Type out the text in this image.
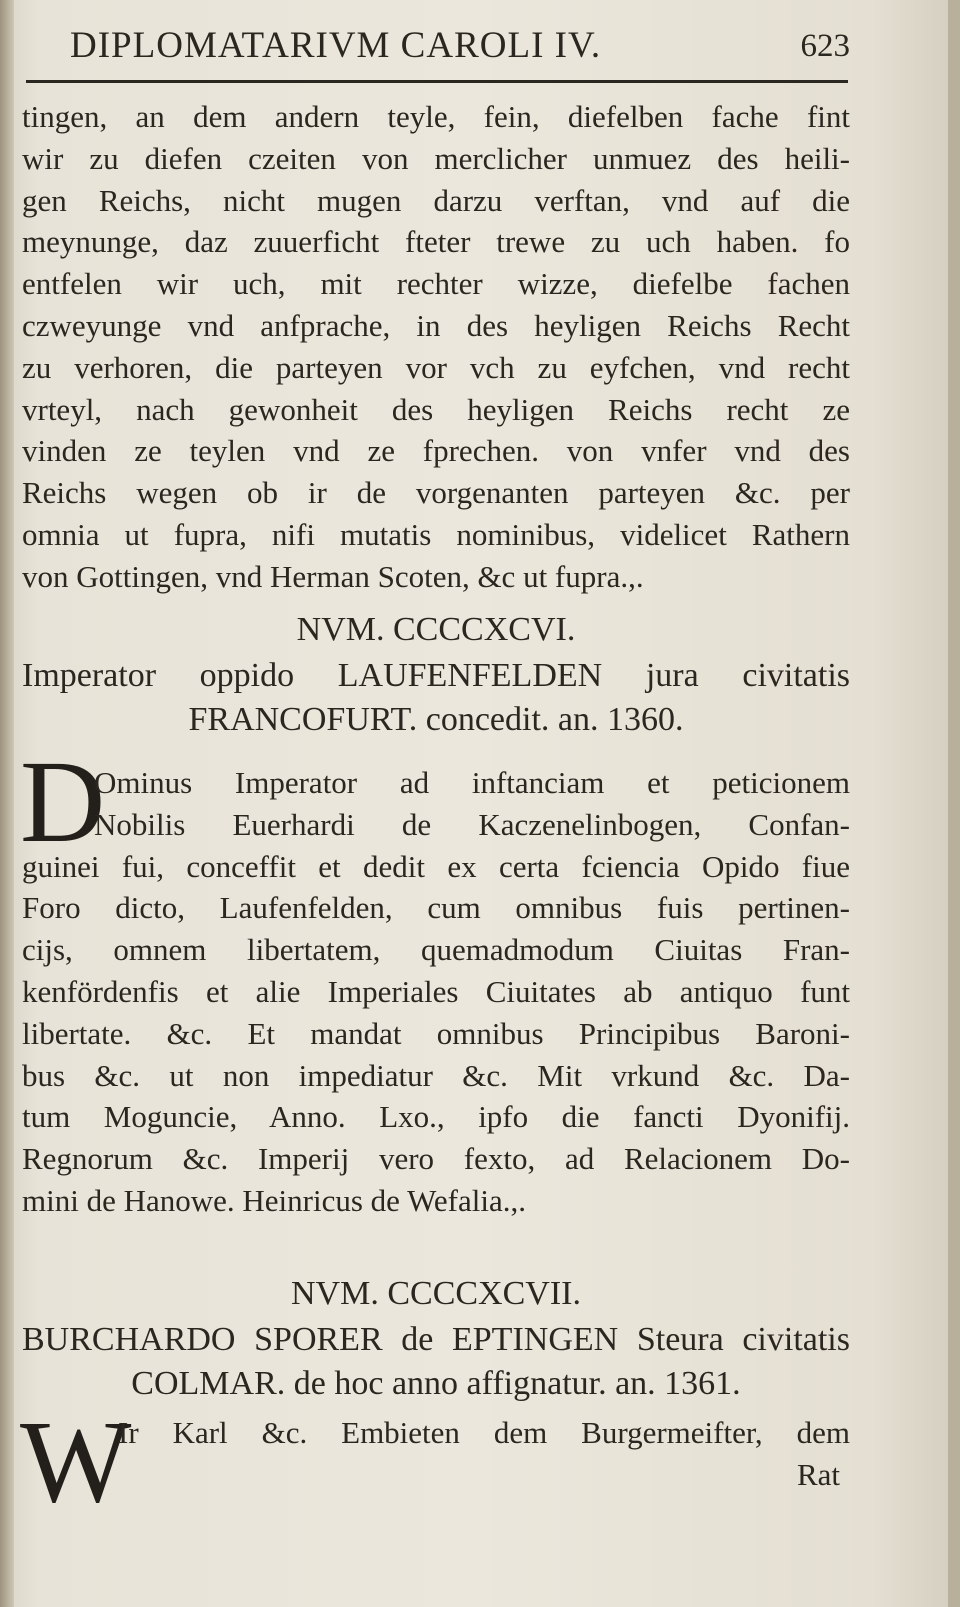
DIPLOMATARIVM CAROLI IV.	623
tingen, an dem andern teyle, fein, diefelben fache fint
wir zu diefen czeiten von merclicher unmuez des heili-
gen Reichs, nicht mugen darzu verftan, vnd auf die
meynunge, daz zuuerficht fteter trewe zu uch haben. fo
entfelen wir uch, mit rechter wizze, diefelbe fachen
czweyunge vnd anfprache, in des heyligen Reichs Recht
zu verhoren, die parteyen vor vch zu eyfchen, vnd recht
vrteyl, nach gewonheit des heyligen Reichs recht ze
vinden ze teylen vnd ze fprechen. von vnfer vnd des
Reichs wegen ob ir de vorgenanten parteyen &c. per
omnia ut fupra, nifi mutatis nominibus, videlicet Rathern
von Gottingen, vnd Herman Scoten, &c ut fupra.,.
NVM. CCCCXCVI.
Imperator oppido LAUFENFELDEN jura civitatis
FRANCOFURT. concedit. an. 1360.
D
Ominus Imperator ad inftanciam et peticionem
Nobilis Euerhardi de Kaczenelinbogen, Confan-
guinei fui, conceffit et dedit ex certa fciencia Opido fiue
Foro dicto, Laufenfelden, cum omnibus fuis pertinen-
cijs, omnem libertatem, quemadmodum Ciuitas Fran-
kenfördenfis et alie Imperiales Ciuitates ab antiquo funt
libertate. &c. Et mandat omnibus Principibus Baroni-
bus &c. ut non impediatur &c. Mit vrkund &c. Da-
tum Moguncie, Anno. Lxo., ipfo die fancti Dyonifij.
Regnorum &c. Imperij vero fexto, ad Relacionem Do-
mini de Hanowe. Heinricus de Wefalia.,.
NVM. CCCCXCVII.
BURCHARDO SPORER de EPTINGEN Steura civitatis
COLMAR. de hoc anno affignatur. an. 1361.
W
Ir Karl &c. Embieten dem Burgermeifter, dem
Rat
